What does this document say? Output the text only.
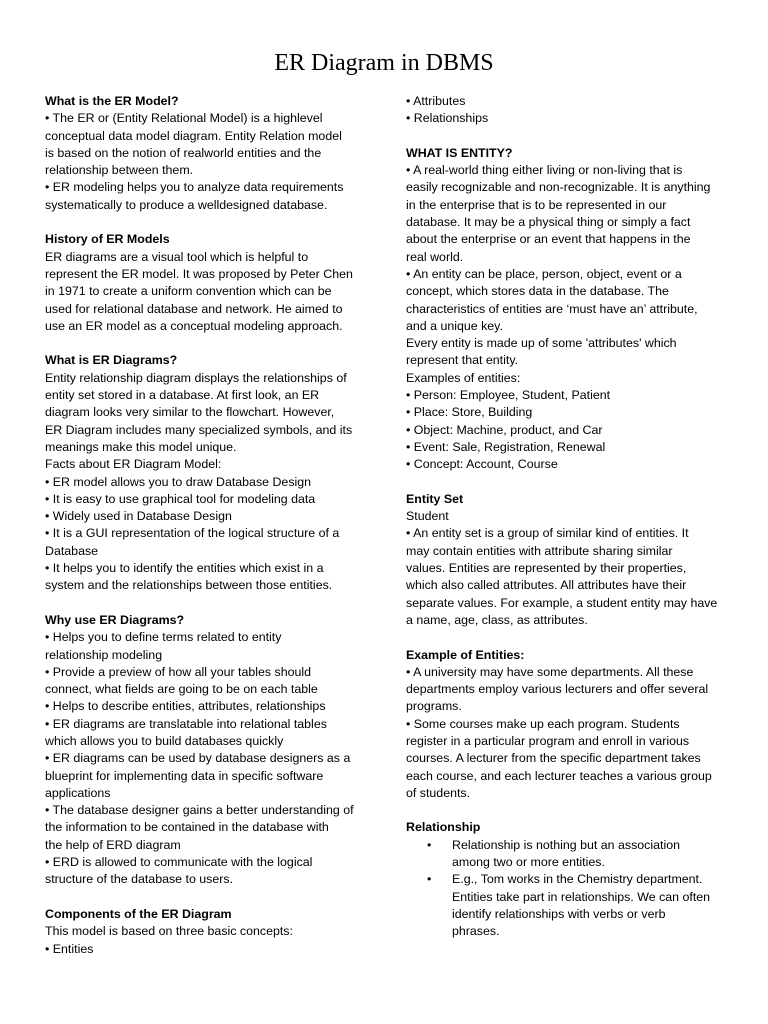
ER Diagram in DBMS
What is the ER Model?
• The ER or (Entity Relational Model) is a highlevel
conceptual data model diagram. Entity Relation model
is based on the notion of realworld entities and the
relationship between them.
• ER modeling helps you to analyze data requirements
systematically to produce a welldesigned database.
History of ER Models
ER diagrams are a visual tool which is helpful to
represent the ER model. It was proposed by Peter Chen
in 1971 to create a uniform convention which can be
used for relational database and network. He aimed to
use an ER model as a conceptual modeling approach.
What is ER Diagrams?
Entity relationship diagram displays the relationships of
entity set stored in a database. At first look, an ER
diagram looks very similar to the flowchart. However,
ER Diagram includes many specialized symbols, and its
meanings make this model unique.
Facts about ER Diagram Model:
• ER model allows you to draw Database Design
• It is easy to use graphical tool for modeling data
• Widely used in Database Design
• It is a GUI representation of the logical structure of a
Database
• It helps you to identify the entities which exist in a
system and the relationships between those entities.
Why use ER Diagrams?
• Helps you to define terms related to entity
relationship modeling
• Provide a preview of how all your tables should
connect, what fields are going to be on each table
• Helps to describe entities, attributes, relationships
• ER diagrams are translatable into relational tables
which allows you to build databases quickly
• ER diagrams can be used by database designers as a
blueprint for implementing data in specific software
applications
• The database designer gains a better understanding of
the information to be contained in the database with
the help of ERD diagram
• ERD is allowed to communicate with the logical
structure of the database to users.
Components of the ER Diagram
This model is based on three basic concepts:
• Entities
• Attributes
• Relationships
WHAT IS ENTITY?
• A real-world thing either living or non-living that is
easily recognizable and non-recognizable. It is anything
in the enterprise that is to be represented in our
database. It may be a physical thing or simply a fact
about the enterprise or an event that happens in the
real world.
• An entity can be place, person, object, event or a
concept, which stores data in the database. The
characteristics of entities are ‘must have an’ attribute,
and a unique key.
Every entity is made up of some 'attributes' which
represent that entity.
Examples of entities:
• Person: Employee, Student, Patient
• Place: Store, Building
• Object: Machine, product, and Car
• Event: Sale, Registration, Renewal
• Concept: Account, Course
Entity Set
Student
• An entity set is a group of similar kind of entities. It
may contain entities with attribute sharing similar
values. Entities are represented by their properties,
which also called attributes. All attributes have their
separate values. For example, a student entity may have
a name, age, class, as attributes.
Example of Entities:
• A university may have some departments. All these
departments employ various lecturers and offer several
programs.
• Some courses make up each program. Students
register in a particular program and enroll in various
courses. A lecturer from the specific department takes
each course, and each lecturer teaches a various group
of students.
Relationship
• Relationship is nothing but an association
among two or more entities.
• E.g., Tom works in the Chemistry department.
Entities take part in relationships. We can often
identify relationships with verbs or verb
phrases.
